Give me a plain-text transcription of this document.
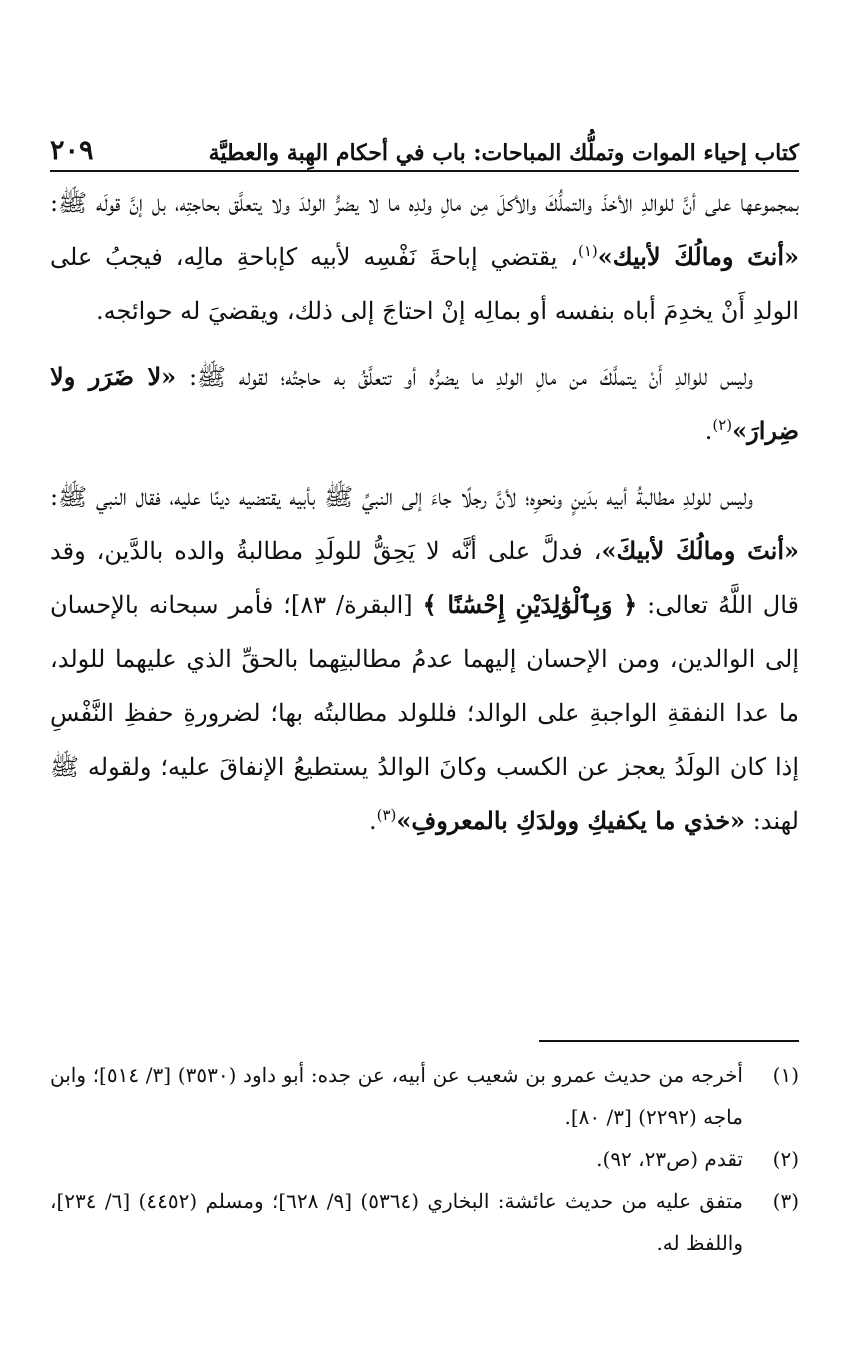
كتاب إحياء الموات وتملُّك المباحات: باب في أحكام الهِبة والعطيَّة
٢٠٩

بمجموعها على أنَّ للوالدِ الأخذَ والتملُّكَ والأكلَ مِن مالِ ولدِه ما لا يضرُّ الولدَ ولا يتعلَّق بحاجتِه، بل إنَّ قولَه ﷺ: «أنتَ ومالُكَ لأبيك»$^{(١)}$، يقتضي إباحةَ نَفْسِه لأبيه كإباحةِ مالِه، فيجبُ على الولدِ أَنْ يخدِمَ أباه بنفسه أو بمالِه إنْ احتاجَ إلى ذلك، ويقضيَ له حوائجه.

وليس للوالدِ أَنْ يتملَّكَ من مالِ الولدِ ما يضرُّه أو تتعلَّقُ به حاجتُه؛ لقوله ﷺ: «لا ضَرَر ولا ضِرارَ»$^{(٢)}$.

وليس للولدِ مطالبةُ أبيه بدَينٍ ونحوِه؛ لأنَّ رجلًا جاءَ إلى النبيِّ ﷺ بأبيه يقتضيه دينًا عليه، فقال النبي ﷺ: «أنتَ ومالُكَ لأبيكَ»، فدلَّ على أنَّه لا يَحِقُّ للولَدِ مطالبةُ والده بالدَّين، وقد قال اللَّهُ تعالى: ﴿ وَبِٱلْوَٰلِدَيْنِ إِحْسَٰنًا ﴾ [البقرة/ ٨٣]؛ فأمر سبحانه بالإحسان إلى الوالدين، ومن الإحسان إليهما عدمُ مطالبتِهما بالحقِّ الذي عليهما للولد، ما عدا النفقةِ الواجبةِ على الوالد؛ فللولد مطالبتُه بها؛ لضرورةِ حفظِ النَّفْسِ إذا كان الولَدُ يعجز عن الكسب وكانَ الوالدُ يستطيعُ الإنفاقَ عليه؛ ولقوله ﷺ لهند: «خذي ما يكفيكِ وولدَكِ بالمعروفِ»$^{(٣)}$.

(١)
أخرجه من حديث عمرو بن شعيب عن أبيه، عن جده: أبو داود (٣٥٣٠) [٣/ ٥١٤]؛ وابن ماجه (٢٢٩٢) [٣/ ٨٠].
(٢)
تقدم (ص٢٣، ٩٢).
(٣)
متفق عليه من حديث عائشة: البخاري (٥٣٦٤) [٩/ ٦٢٨]؛ ومسلم (٤٤٥٢) [٦/ ٢٣٤]، واللفظ له.
